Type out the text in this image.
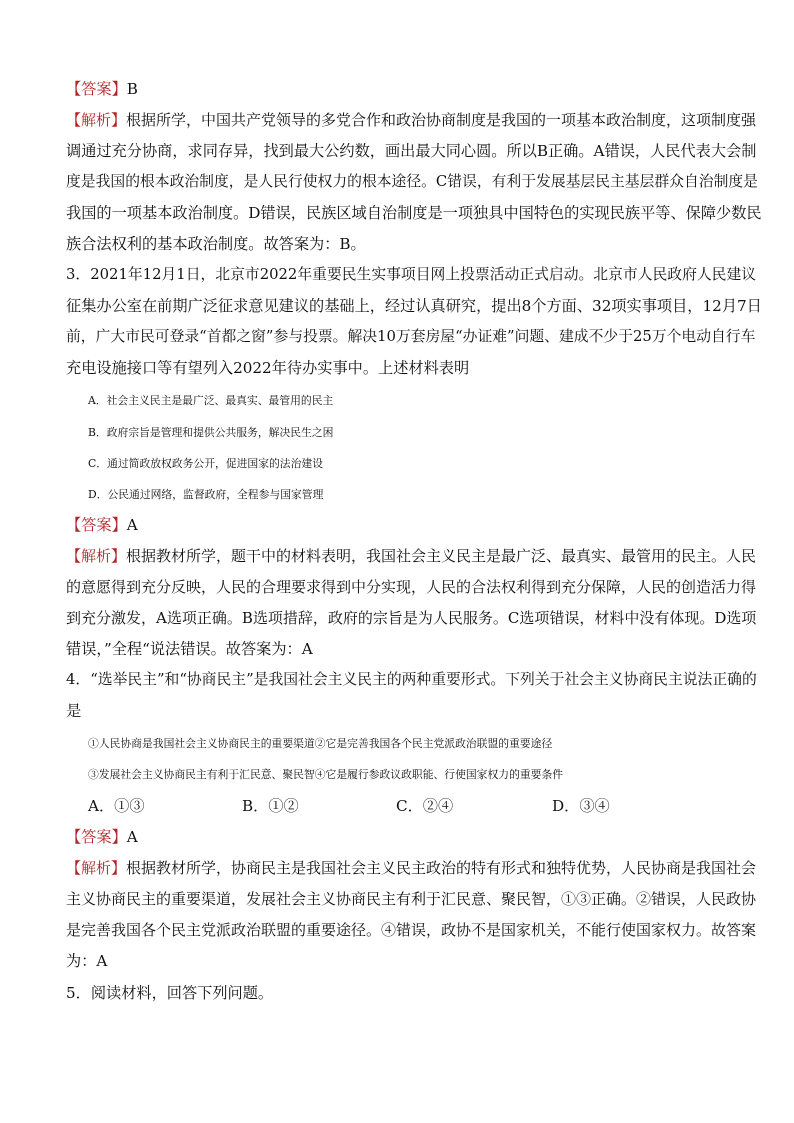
【答案】B
【解析】根据所学，中国共产党领导的多党合作和政治协商制度是我国的一项基本政治制度，这项制度强
调通过充分协商，求同存异，找到最大公约数，画出最大同心圆。所以B正确。A错误，人民代表大会制
度是我国的根本政治制度，是人民行使权力的根本途径。C错误，有利于发展基层民主基层群众自治制度是
我国的一项基本政治制度。D错误，民族区域自治制度是一项独具中国特色的实现民族平等、保障少数民
族合法权利的基本政治制度。故答案为：B。
3．2021年12月1日，北京市2022年重要民生实事项目网上投票活动正式启动。北京市人民政府人民建议
征集办公室在前期广泛征求意见建议的基础上，经过认真研究，提出8个方面、32项实事项目，12月7日
前，广大市民可登录“首都之窗”参与投票。解决10万套房屋“办证难”问题、建成不少于25万个电动自行车
充电设施接口等有望列入2022年待办实事中。上述材料表明
A．社会主义民主是最广泛、最真实、最管用的民主
B．政府宗旨是管理和提供公共服务，解决民生之困
C．通过简政放权政务公开，促进国家的法治建设
D．公民通过网络，监督政府，全程参与国家管理
【答案】A
【解析】根据教材所学，题干中的材料表明，我国社会主义民主是最广泛、最真实、最管用的民主。人民
的意愿得到充分反映，人民的合理要求得到中分实现，人民的合法权利得到充分保障，人民的创造活力得
到充分激发，A选项正确。B选项措辞，政府的宗旨是为人民服务。C选项错误，材料中没有体现。D选项
错误，”全程“说法错误。故答案为：A
4．“选举民主”和“协商民主”是我国社会主义民主的两种重要形式。下列关于社会主义协商民主说法正确的
是
①人民协商是我国社会主义协商民主的重要渠道②它是完善我国各个民主党派政治联盟的重要途径
③发展社会主义协商民主有利于汇民意、聚民智④它是履行参政议政职能、行使国家权力的重要条件
A．①③	B．①②	C．②④	D．③④
【答案】A
【解析】根据教材所学，协商民主是我国社会主义民主政治的特有形式和独特优势，人民协商是我国社会
主义协商民主的重要渠道，发展社会主义协商民主有利于汇民意、聚民智，①③正确。②错误，人民政协
是完善我国各个民主党派政治联盟的重要途径。④错误，政协不是国家机关，不能行使国家权力。故答案
为：A
5．阅读材料，回答下列问题。
